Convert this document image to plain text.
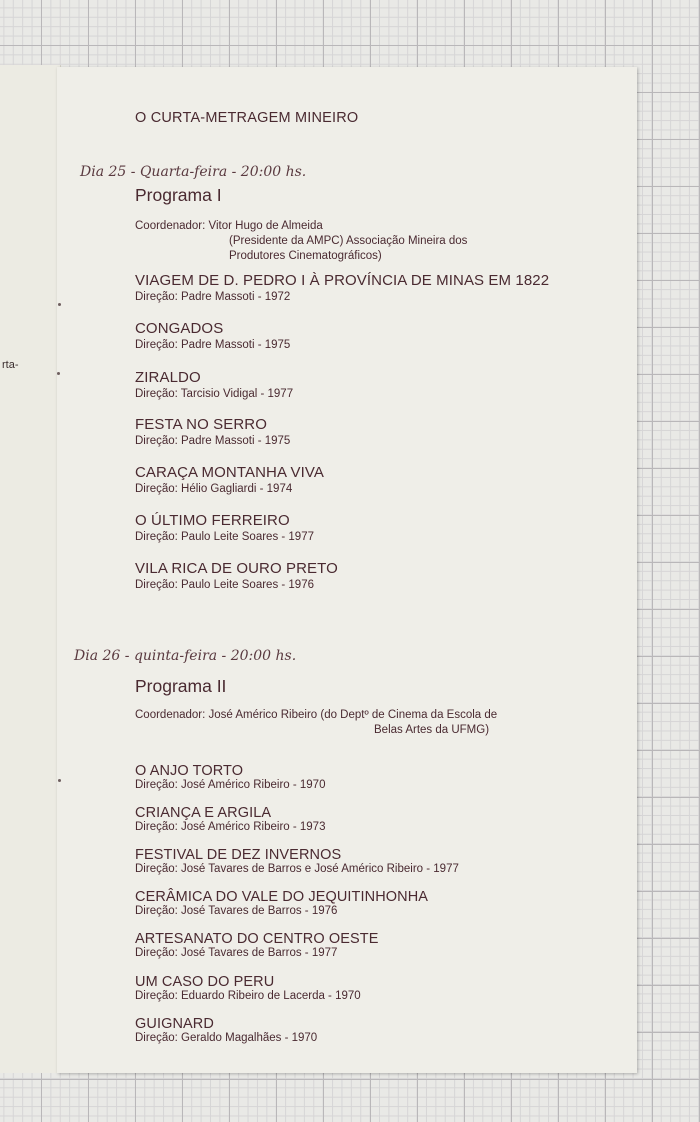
rta-
O CURTA-METRAGEM MINEIRO
Dia 25 - Quarta-feira - 20:00 hs.
Programa I
Coordenador: Vitor Hugo de Almeida
(Presidente da AMPC) Associação Mineira dos
Produtores Cinematográficos)
VIAGEM DE D. PEDRO I À PROVÍNCIA DE MINAS EM 1822
Direção: Padre Massoti - 1972
CONGADOS
Direção: Padre Massoti - 1975
ZIRALDO
Direção: Tarcisio Vidigal - 1977
FESTA NO SERRO
Direção: Padre Massoti - 1975
CARAÇA MONTANHA VIVA
Direção: Hélio Gagliardi - 1974
O ÚLTIMO FERREIRO
Direção: Paulo Leite Soares - 1977
VILA RICA DE OURO PRETO
Direção: Paulo Leite Soares - 1976
Dia 26 - quinta-feira - 20:00 hs.
Programa II
Coordenador: José Américo Ribeiro (do Deptº de Cinema da Escola de
Belas Artes da UFMG)
O ANJO TORTO
Direção: José Américo Ribeiro - 1970
CRIANÇA E ARGILA
Direção: José Américo Ribeiro - 1973
FESTIVAL DE DEZ INVERNOS
Direção: José Tavares de Barros e José Américo Ribeiro - 1977
CERÂMICA DO VALE DO JEQUITINHONHA
Direção: José Tavares de Barros - 1976
ARTESANATO DO CENTRO OESTE
Direção: José Tavares de Barros - 1977
UM CASO DO PERU
Direção: Eduardo Ribeiro de Lacerda - 1970
GUIGNARD
Direção: Geraldo Magalhães - 1970
